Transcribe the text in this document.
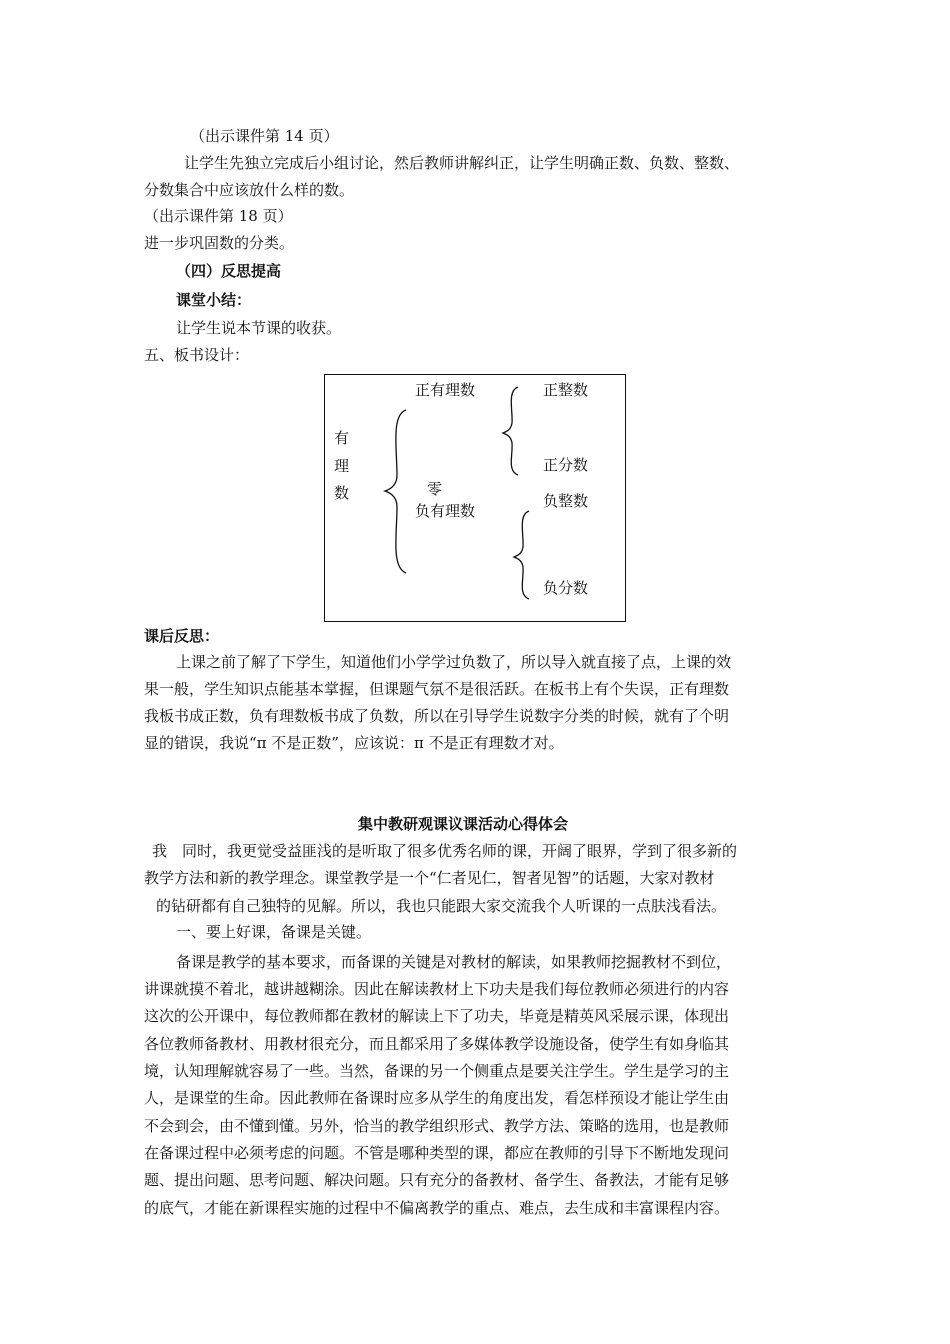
（出示课件第 14 页）
让学生先独立完成后小组讨论，然后教师讲解纠正，让学生明确正数、负数、整数、
分数集合中应该放什么样的数。
（出示课件第 18 页）
进一步巩固数的分类。
（四）反思提高
课堂小结：
让学生说本节课的收获。
五、板书设计：
有
理
数
正有理数
零
负有理数
正整数
正分数
负整数
负分数
课后反思：
上课之前了解了下学生，知道他们小学学过负数了，所以导入就直接了点，上课的效
果一般，学生知识点能基本掌握，但课题气氛不是很活跃。在板书上有个失误，正有理数
我板书成正数，负有理数板书成了负数，所以在引导学生说数字分类的时候，就有了个明
显的错误，我说“π 不是正数”，应该说：π 不是正有理数才对。
集中教研观课议课活动心得体会
我　同时，我更觉受益匪浅的是听取了很多优秀名师的课，开阔了眼界，学到了很多新的
教学方法和新的教学理念。课堂教学是一个“仁者见仁，智者见智”的话题，大家对教材
的钻研都有自己独特的见解。所以，我也只能跟大家交流我个人听课的一点肤浅看法。
一、要上好课，备课是关键。
备课是教学的基本要求，而备课的关键是对教材的解读，如果教师挖掘教材不到位，
讲课就摸不着北，越讲越糊涂。因此在解读教材上下功夫是我们每位教师必须进行的内容
这次的公开课中，每位教师都在教材的解读上下了功夫，毕竟是精英风采展示课，体现出
各位教师备教材、用教材很充分，而且都采用了多媒体教学设施设备，使学生有如身临其
境，认知理解就容易了一些。当然，备课的另一个侧重点是要关注学生。学生是学习的主
人，是课堂的生命。因此教师在备课时应多从学生的角度出发，看怎样预设才能让学生由
不会到会，由不懂到懂。另外，恰当的教学组织形式、教学方法、策略的选用，也是教师
在备课过程中必须考虑的问题。不管是哪种类型的课，都应在教师的引导下不断地发现问
题、提出问题、思考问题、解决问题。只有充分的备教材、备学生、备教法，才能有足够
的底气，才能在新课程实施的过程中不偏离教学的重点、难点，去生成和丰富课程内容。
